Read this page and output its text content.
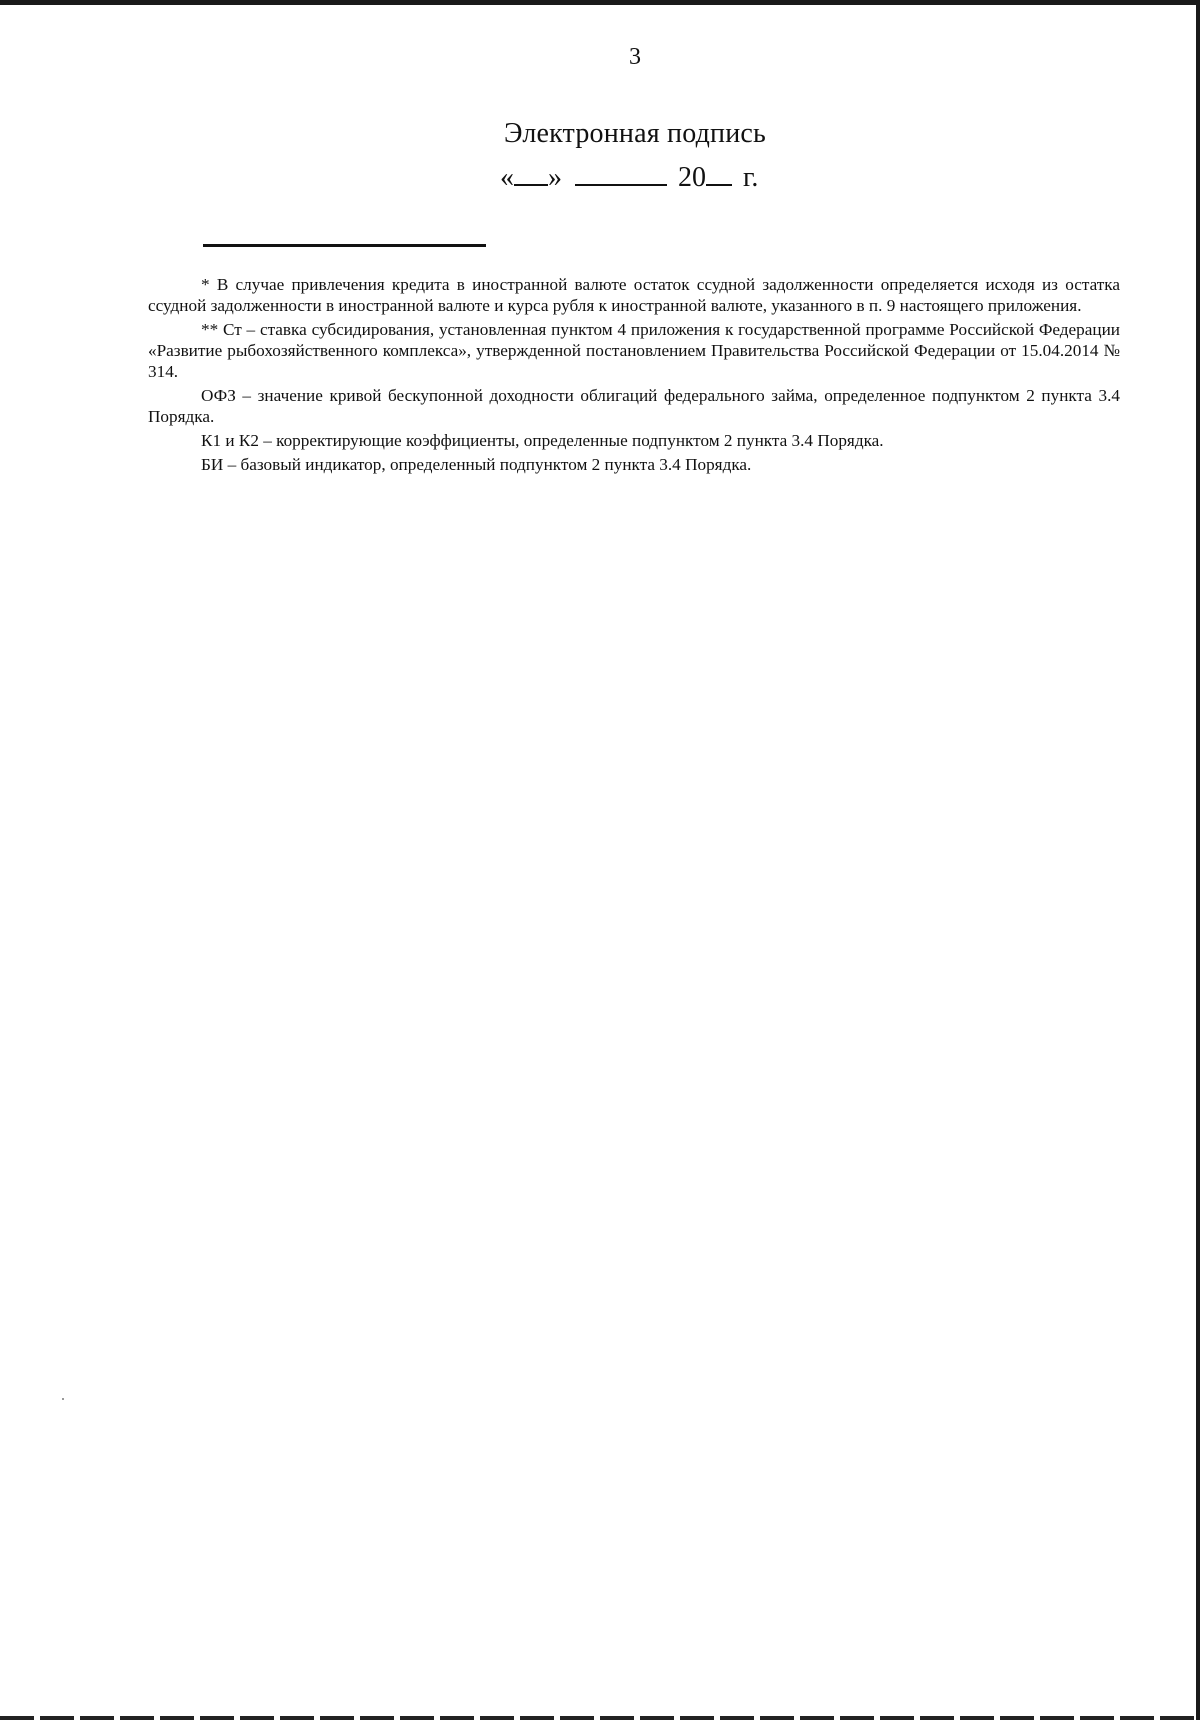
3
Электронная подпись
« »	20 г.

* В случае привлечения кредита в иностранной валюте остаток ссудной задолженности определяется исходя из остатка ссудной задолженности в иностранной валюте и курса рубля к иностранной валюте, указанного в п. 9 настоящего приложения.

** Ст – ставка субсидирования, установленная пунктом 4 приложения к государственной программе Российской Федерации «Развитие рыбохозяйственного комплекса», утвержденной постановлением Правительства Российской Федерации от 15.04.2014 № 314.

ОФЗ – значение кривой бескупонной доходности облигаций федерального займа, определенное подпунктом 2 пункта 3.4 Порядка.

К1 и К2 – корректирующие коэффициенты, определенные подпунктом 2 пункта 3.4 Порядка.

БИ – базовый индикатор, определенный подпунктом 2 пункта 3.4 Порядка.
